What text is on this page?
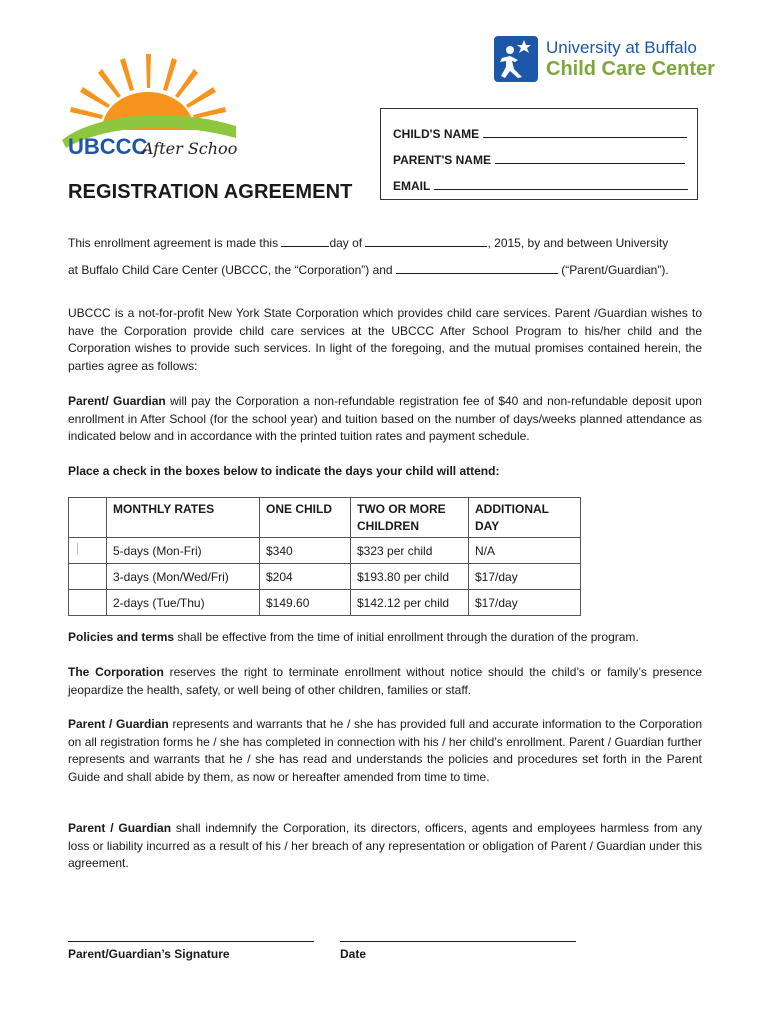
UBCCC
After School
University at Buffalo
Child Care Center
CHILD'S NAME
PARENT'S NAME
EMAIL
REGISTRATION AGREEMENT
This enrollment agreement is made this	day of	, 2015, by and between University
at Buffalo Child Care Center (UBCCC, the “Corporation”) and	(“Parent/Guardian”).
UBCCC is a not-for-profit New York State Corporation which provides child care services. Parent /Guardian wishes to have the Corporation provide child care services at the UBCCC After School Program to his/her child and the Corporation wishes to provide such services. In light of the foregoing, and the mutual promises contained herein, the parties agree as follows:
Parent/ Guardian will pay the Corporation a non-refundable registration fee of $40 and non-refundable deposit upon enrollment in After School (for the school year) and tuition based on the number of days/weeks planned attendance as indicated below and in accordance with the printed tuition rates and payment schedule.
Place a check in the boxes below to indicate the days your child will attend:
	MONTHLY RATES	ONE CHILD	TWO OR MORE CHILDREN	ADDITIONAL DAY
	5-days (Mon-Fri)	$340	$323 per child	N/A
	3-days (Mon/Wed/Fri)	$204	$193.80 per child	$17/day
	2-days (Tue/Thu)	$149.60	$142.12 per child	$17/day
Policies and terms shall be effective from the time of initial enrollment through the duration of the program.
The Corporation reserves the right to terminate enrollment without notice should the child’s or family’s presence jeopardize the health, safety, or well being of other children, families or staff.
Parent / Guardian represents and warrants that he / she has provided full and accurate information to the Corporation on all registration forms he / she has completed in connection with his / her child’s enrollment. Parent / Guardian further represents and warrants that he / she has read and understands the policies and procedures set forth in the Parent Guide and shall abide by them, as now or hereafter amended from time to time.
Parent / Guardian shall indemnify the Corporation, its directors, officers, agents and employees harmless from any loss or liability incurred as a result of his / her breach of any representation or obligation of Parent / Guardian under this agreement.
Parent/Guardian’s Signature	Date
